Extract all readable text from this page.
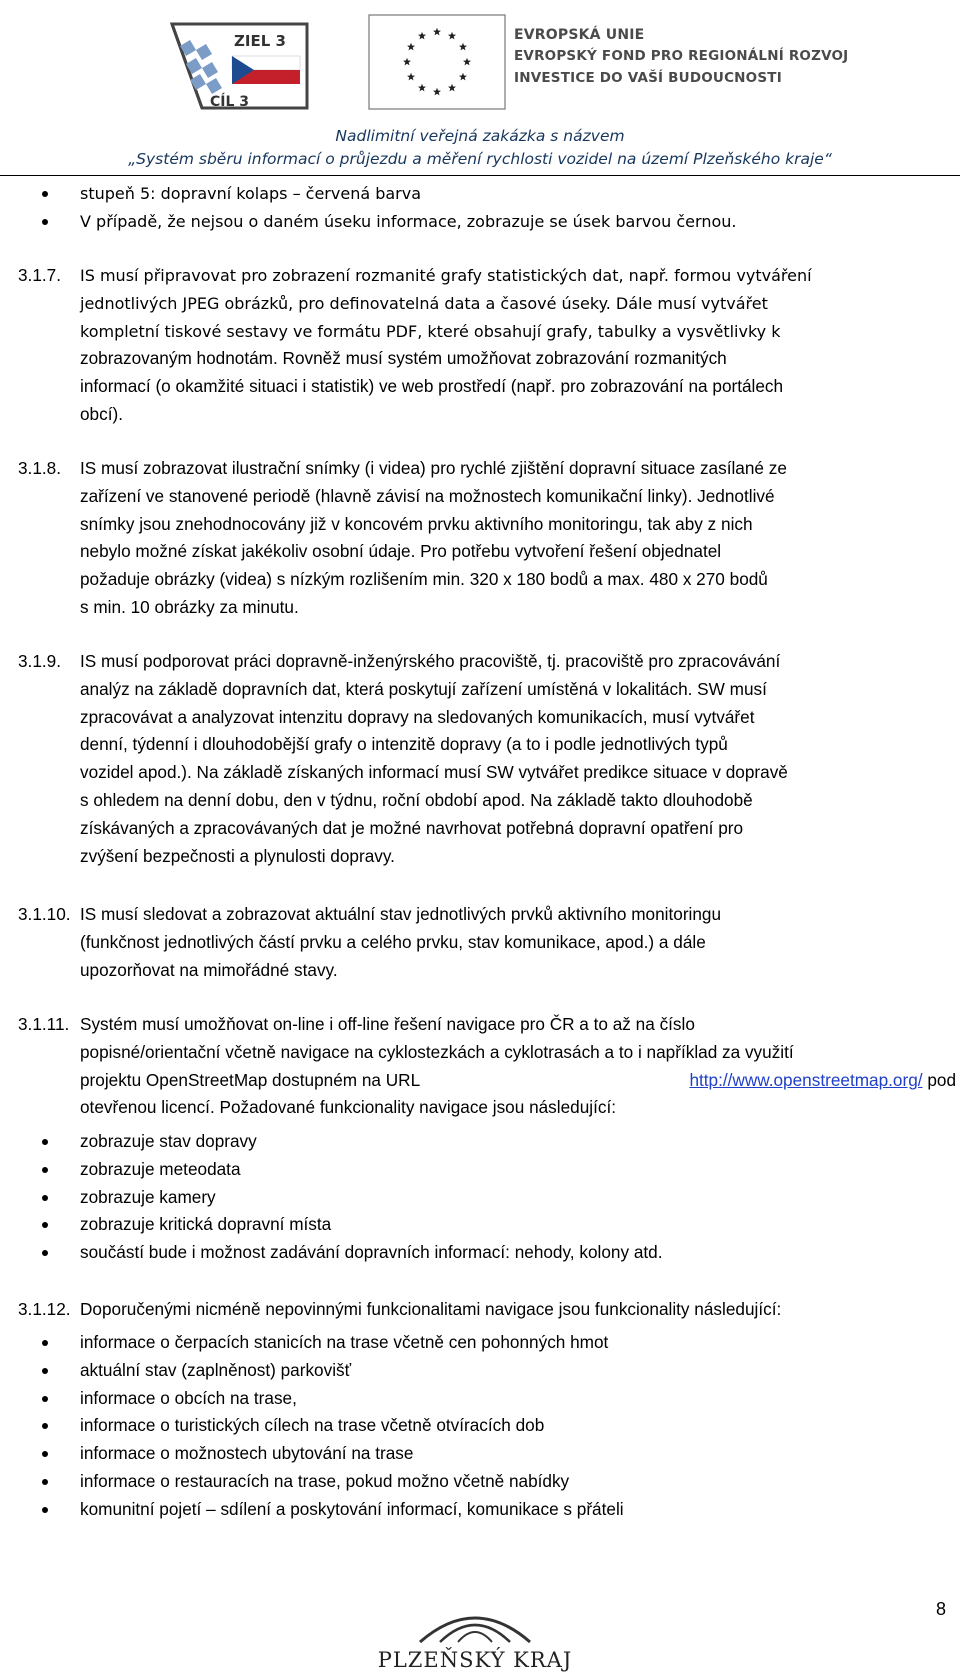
ZIEL 3
CÍL 3
EVROPSKÁ UNIE
EVROPSKÝ FOND PRO REGIONÁLNÍ ROZVOJ
INVESTICE DO VAŠÍ BUDOUCNOSTI
Nadlimitní veřejná zakázka s názvem
„Systém sběru informací o průjezdu a měření rychlosti vozidel na území Plzeňského kraje“
stupeň 5: dopravní kolaps – červená barva
V případě, že nejsou o daném úseku informace, zobrazuje se úsek barvou černou.
3.1.7. IS musí připravovat pro zobrazení rozmanité grafy statistických dat, např. formou vytváření
jednotlivých JPEG obrázků, pro definovatelná data a časové úseky. Dále musí vytvářet
kompletní tiskové sestavy ve formátu PDF, které obsahují grafy, tabulky a vysvětlivky k
zobrazovaným hodnotám. Rovněž musí systém umožňovat zobrazování rozmanitých
informací (o okamžité situaci i statistik) ve web prostředí (např. pro zobrazování na portálech
obcí).
3.1.8. IS musí zobrazovat ilustrační snímky (i videa) pro rychlé zjištění dopravní situace zasílané ze
zařízení ve stanovené periodě (hlavně závisí na možnostech komunikační linky). Jednotlivé
snímky jsou znehodnocovány již v koncovém prvku aktivního monitoringu, tak aby z nich
nebylo možné získat jakékoliv osobní údaje. Pro potřebu vytvoření řešení objednatel
požaduje obrázky (videa) s nízkým rozlišením min. 320 x 180 bodů a max. 480 x 270 bodů
s min. 10 obrázky za minutu.
3.1.9. IS musí podporovat práci dopravně-inženýrského pracoviště, tj. pracoviště pro zpracovávání
analýz na základě dopravních dat, která poskytují zařízení umístěná v lokalitách. SW musí
zpracovávat a analyzovat intenzitu dopravy na sledovaných komunikacích, musí vytvářet
denní, týdenní i dlouhodobější grafy o intenzitě dopravy (a to i podle jednotlivých typů
vozidel apod.). Na základě získaných informací musí SW vytvářet predikce situace v dopravě
s ohledem na denní dobu, den v týdnu, roční období apod. Na základě takto dlouhodobě
získávaných a zpracovávaných dat je možné navrhovat potřebná dopravní opatření pro
zvýšení bezpečnosti a plynulosti dopravy.
3.1.10. IS musí sledovat a zobrazovat aktuální stav jednotlivých prvků aktivního monitoringu
(funkčnost jednotlivých částí prvku a celého prvku, stav komunikace, apod.) a dále
upozorňovat na mimořádné stavy.
3.1.11. Systém musí umožňovat on-line i off-line řešení navigace pro ČR a to až na číslo
popisné/orientační včetně navigace na cyklostezkách a cyklotrasách a to i například za využití
projektu OpenStreetMap dostupném na URL	http://www.openstreetmap.org/ pod
otevřenou licencí. Požadované funkcionality navigace jsou následující:
zobrazuje stav dopravy
zobrazuje meteodata
zobrazuje kamery
zobrazuje kritická dopravní místa
součástí bude i možnost zadávání dopravních informací: nehody, kolony atd.
3.1.12. Doporučenými nicméně nepovinnými funkcionalitami navigace jsou funkcionality následující:
informace o čerpacích stanicích na trase včetně cen pohonných hmot
aktuální stav (zaplněnost) parkovišť
informace o obcích na trase,
informace o turistických cílech na trase včetně otvíracích dob
informace o možnostech ubytování na trase
informace o restauracích na trase, pokud možno včetně nabídky
komunitní pojetí – sdílení a poskytování informací, komunikace s přáteli
8
PLZEŇSKÝ KRAJ
